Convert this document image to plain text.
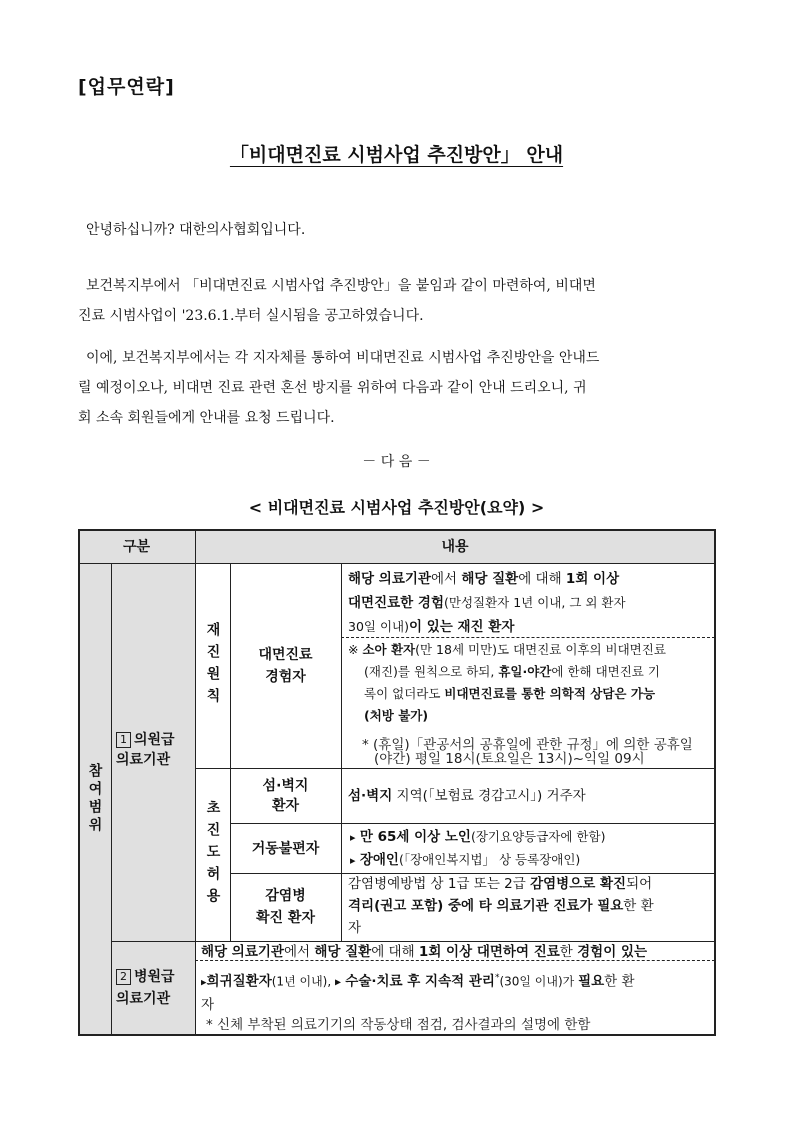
[업무연락]
「비대면진료 시범사업 추진방안」 안내

안녕하십니까? 대한의사협회입니다.

보건복지부에서 「비대면진료 시범사업 추진방안」을 붙임과 같이 마련하여, 비대면
진료 시범사업이 '23.6.1.부터 실시됨을 공고하였습니다.

이에, 보건복지부에서는 각 지자체를 통하여 비대면진료 시범사업 추진방안을 안내드
릴 예정이오나, 비대면 진료 관련 혼선 방지를 위하여 다음과 같이 안내 드리오니, 귀
회 소속 회원들에게 안내를 요청 드립니다.

－ 다 음 －
< 비대면진료 시범사업 추진방안(요약) >
구분	내용
참여범위
1 의원급
의료기관
재진원칙	대면진료
경험자
해당 의료기관에서 해당 질환에 대해 1회 이상
대면진료한 경험(만성질환자 1년 이내, 그 외 환자
30일 이내)이 있는 재진 환자
※ 소아 환자(만 18세 미만)도 대면진료 이후의 비대면진료
(재진)를 원칙으로 하되, 휴일·야간에 한해 대면진료 기
록이 없더라도 비대면진료를 통한 의학적 상담은 가능
(처방 불가)
* (휴일)「관공서의 공휴일에 관한 규정」에 의한 공휴일
(야간) 평일 18시(토요일은 13시)~익일 09시
초진도허용
섬·벽지
환자
섬·벽지 지역(「보험료 경감고시」) 거주자
거동불편자
▸ 만 65세 이상 노인(장기요양등급자에 한함)
▸ 장애인(「장애인복지법」 상 등록장애인)
감염병
확진 환자
감염병예방법 상 1급 또는 2급 감염병으로 확진되어
격리(권고 포함) 중에 타 의료기관 진료가 필요한 환
자
2 병원급
의료기관
해당 의료기관에서 해당 질환에 대해 1회 이상 대면하여 진료한 경험이 있는
▸희귀질환자(1년 이내), ▸ 수술·치료 후 지속적 관리*(30일 이내)가 필요한 환
자
* 신체 부착된 의료기기의 작동상태 점검, 검사결과의 설명에 한함
